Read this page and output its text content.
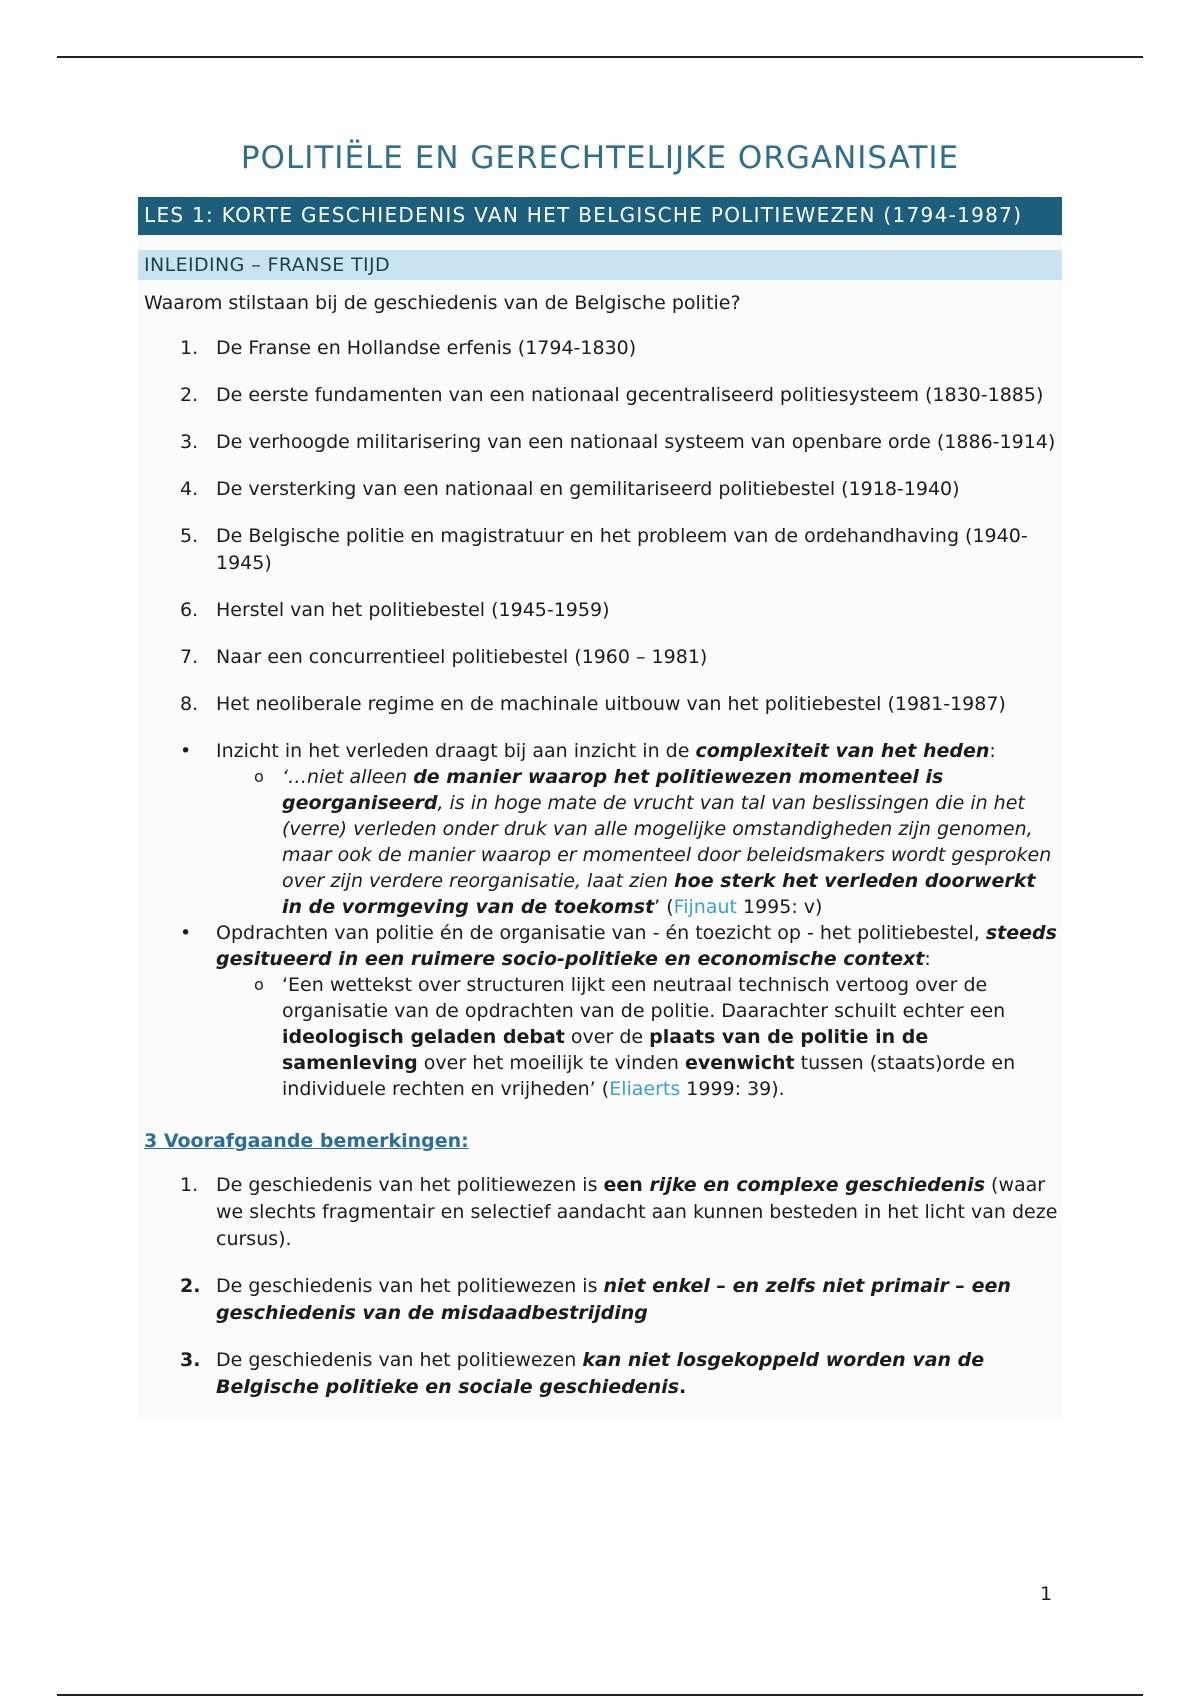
POLITIËLE EN GERECHTELIJKE ORGANISATIE
LES 1: KORTE GESCHIEDENIS VAN HET BELGISCHE POLITIEWEZEN (1794-1987)
INLEIDING – FRANSE TIJD
Waarom stilstaan bij de geschiedenis van de Belgische politie?
1. De Franse en Hollandse erfenis (1794-1830)
2. De eerste fundamenten van een nationaal gecentraliseerd politiesysteem (1830-1885)
3. De verhoogde militarisering van een nationaal systeem van openbare orde (1886-1914)
4. De versterking van een nationaal en gemilitariseerd politiebestel (1918-1940)
5. De Belgische politie en magistratuur en het probleem van de ordehandhaving (1940-1945)
6. Herstel van het politiebestel (1945-1959)
7. Naar een concurrentieel politiebestel (1960 – 1981)
8. Het neoliberale regime en de machinale uitbouw van het politiebestel (1981-1987)
• Inzicht in het verleden draagt bij aan inzicht in de complexiteit van het heden:
o ‘…niet alleen de manier waarop het politiewezen momenteel is georganiseerd, is in hoge mate de vrucht van tal van beslissingen die in het (verre) verleden onder druk van alle mogelijke omstandigheden zijn genomen, maar ook de manier waarop er momenteel door beleidsmakers wordt gesproken over zijn verdere reorganisatie, laat zien hoe sterk het verleden doorwerkt in de vormgeving van de toekomst’ (Fijnaut 1995: v)
• Opdrachten van politie én de organisatie van - én toezicht op - het politiebestel, steeds gesitueerd in een ruimere socio-politieke en economische context:
o ‘Een wettekst over structuren lijkt een neutraal technisch vertoog over de organisatie van de opdrachten van de politie. Daarachter schuilt echter een ideologisch geladen debat over de plaats van de politie in de samenleving over het moeilijk te vinden evenwicht tussen (staats)orde en individuele rechten en vrijheden’ (Eliaerts 1999: 39).
3 Voorafgaande bemerkingen:
1. De geschiedenis van het politiewezen is een rijke en complexe geschiedenis (waar we slechts fragmentair en selectief aandacht aan kunnen besteden in het licht van deze cursus).
2. De geschiedenis van het politiewezen is niet enkel – en zelfs niet primair – een geschiedenis van de misdaadbestrijding
3. De geschiedenis van het politiewezen kan niet losgekoppeld worden van de Belgische politieke en sociale geschiedenis.
1
